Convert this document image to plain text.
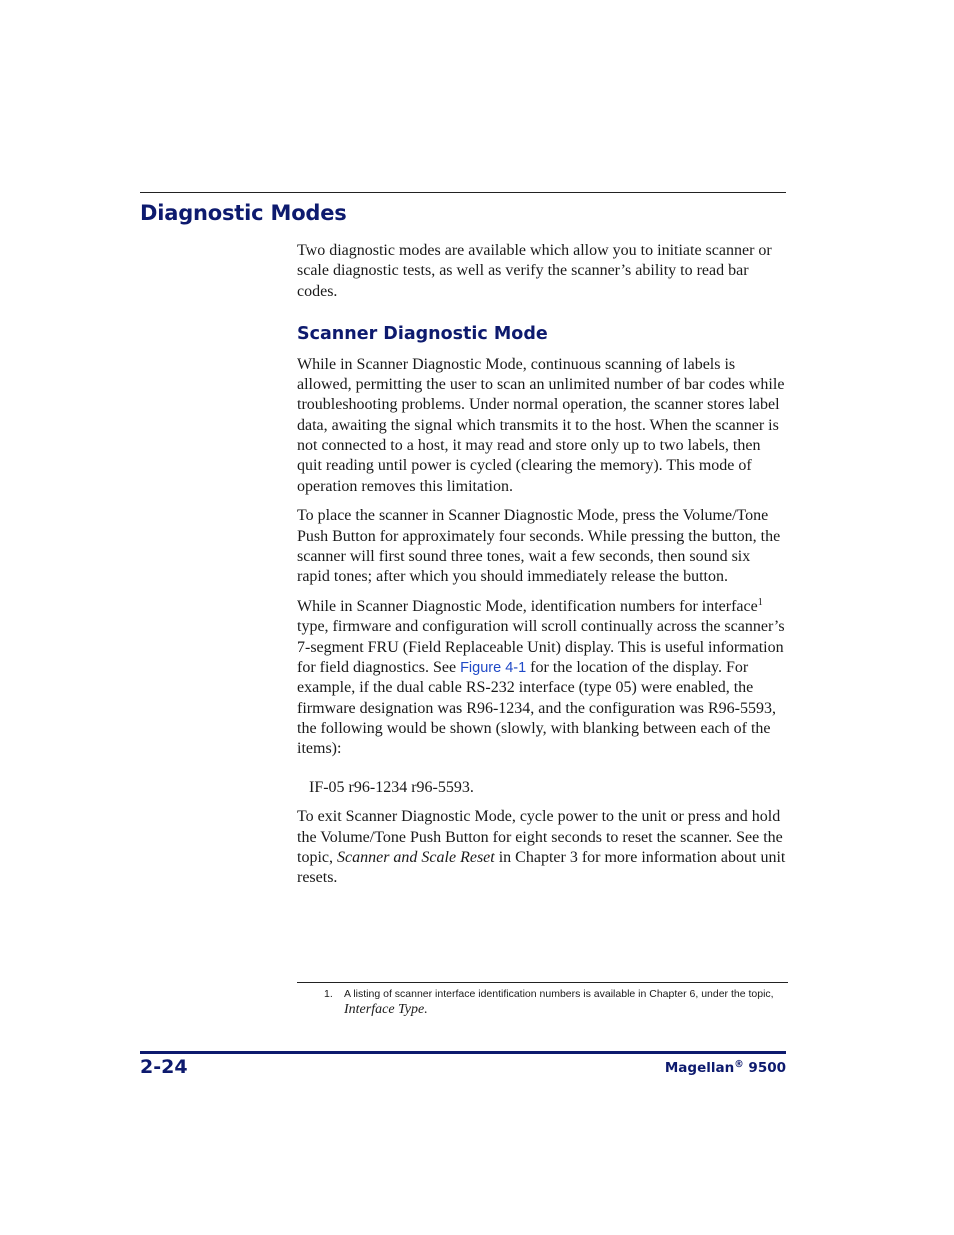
Diagnostic Modes

Two diagnostic modes are available which allow you to initiate scanner or scale diagnostic tests, as well as verify the scanner’s ability to read bar codes.

Scanner Diagnostic Mode

While in Scanner Diagnostic Mode, continuous scanning of labels is allowed, permitting the user to scan an unlimited number of bar codes while troubleshooting problems. Under normal operation, the scanner stores label data, awaiting the signal which transmits it to the host. When the scanner is not connected to a host, it may read and store only up to two labels, then quit reading until power is cycled (clearing the memory). This mode of operation removes this limitation.

To place the scanner in Scanner Diagnostic Mode, press the Volume/Tone Push Button for approximately four seconds. While pressing the button, the scanner will first sound three tones, wait a few seconds, then sound six rapid tones; after which you should immediately release the button.

While in Scanner Diagnostic Mode, identification numbers for interface$^1$ type, firmware and configuration will scroll continually across the scanner’s 7-segment FRU (Field Replaceable Unit) display. This is useful information for field diagnostics. See Figure 4-1 for the location of the display. For example, if the dual cable RS-232 interface (type 05) were enabled, the firmware designation was R96-1234, and the configuration was R96-5593, the following would be shown (slowly, with blanking between each of the items):

IF-05 r96-1234 r96-5593.

To exit Scanner Diagnostic Mode, cycle power to the unit or press and hold the Volume/Tone Push Button for eight seconds to reset the scanner. See the topic, Scanner and Scale Reset in Chapter 3 for more information about unit resets.

1. A listing of scanner interface identification numbers is available in Chapter 6, under the topic,
Interface Type.
2-24	Magellan® 9500
